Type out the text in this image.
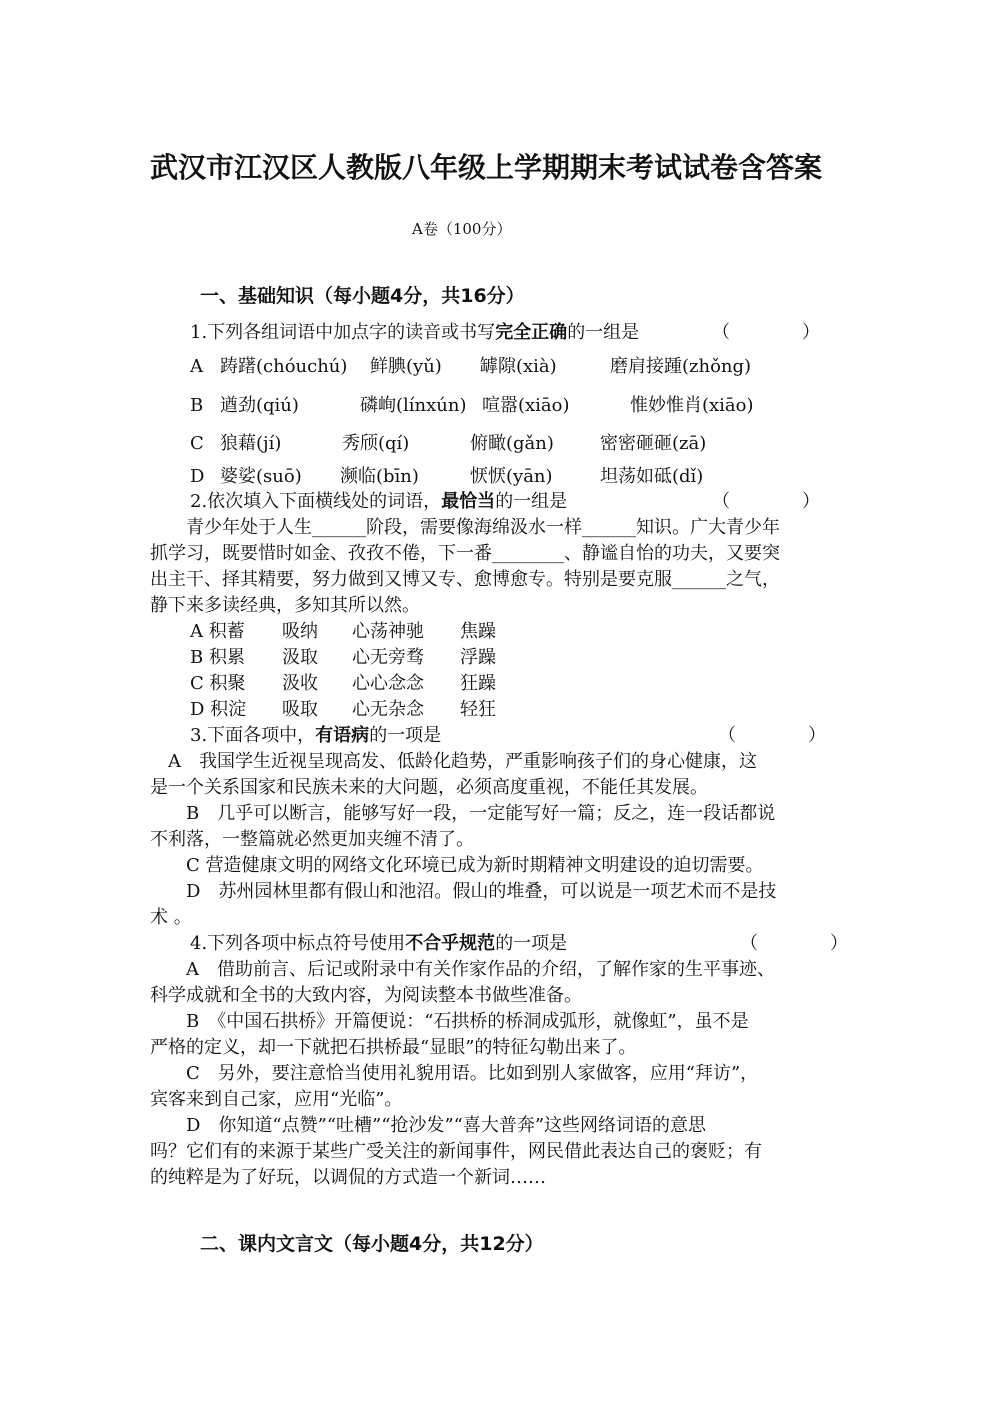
武汉市江汉区人教版八年级上学期期末考试试卷含答案
A卷（100分）
一、基础知识（每小题4分，共16分）
1.下列各组词语中加点字的读音或书写完全正确的一组是	（　　　　）
A 踌躇(chóuchú) 鲜腆(yǔ) 罅隙(xià)	磨肩接踵(zhǒng)
B 遒劲(qiú)	磷峋(línxún) 喧嚣(xiāo)	惟妙惟肖(xiāo)
C 狼藉(jí)	秀颀(qí)	俯瞰(gǎn)	密密砸砸(zā)
D 婆娑(suō) 濒临(bīn)	恹恹(yān)	坦荡如砥(dǐ)
2.依次填入下面横线处的词语，最恰当的一组是	（　　　　）
　　青少年处于人生______阶段，需要像海绵汲水一样______知识。广大青少年
抓学习，既要惜时如金、孜孜不倦，下一番________、静谧自怡的功夫，又要突
出主干、择其精要，努力做到又博又专、愈博愈专。特别是要克服______之气，
静下来多读经典，多知其所以然。
A 积蓄 吸纳 心荡神驰 焦躁
B 积累 汲取 心无旁骛 浮躁
C 积聚 汲收 心心念念 狂躁
D 积淀 吸取 心无杂念 轻狂
3.下面各项中，有语病的一项是	（　　　　）
　A　我国学生近视呈现高发、低龄化趋势，严重影响孩子们的身心健康，这
是一个关系国家和民族未来的大问题，必须高度重视，不能任其发展。
　　B　几乎可以断言，能够写好一段，一定能写好一篇；反之，连一段话都说
不利落，一整篇就必然更加夹缠不清了。
　　C 营造健康文明的网络文化环境已成为新时期精神文明建设的迫切需要。
　　D　苏州园林里都有假山和池沼。假山的堆叠，可以说是一项艺术而不是技
术 。
4.下列各项中标点符号使用不合乎规范的一项是	（　　　　）
　　A　借助前言、后记或附录中有关作家作品的介绍，了解作家的生平事迹、
科学成就和全书的大致内容，为阅读整本书做些准备。
　　B　《中国石拱桥》开篇便说：“石拱桥的桥洞成弧形，就像虹”，虽不是
严格的定义，却一下就把石拱桥最“显眼”的特征勾勒出来了。
　　C　另外，要注意恰当使用礼貌用语。比如到别人家做客，应用“拜访”，
宾客来到自己家，应用“光临”。
　　D　你知道“点赞”“吐槽”“抢沙发”“喜大普奔”这些网络词语的意思
吗？它们有的来源于某些广受关注的新闻事件，网民借此表达自己的褒贬；有
的纯粹是为了好玩，以调侃的方式造一个新词……
二、课内文言文（每小题4分，共12分）
